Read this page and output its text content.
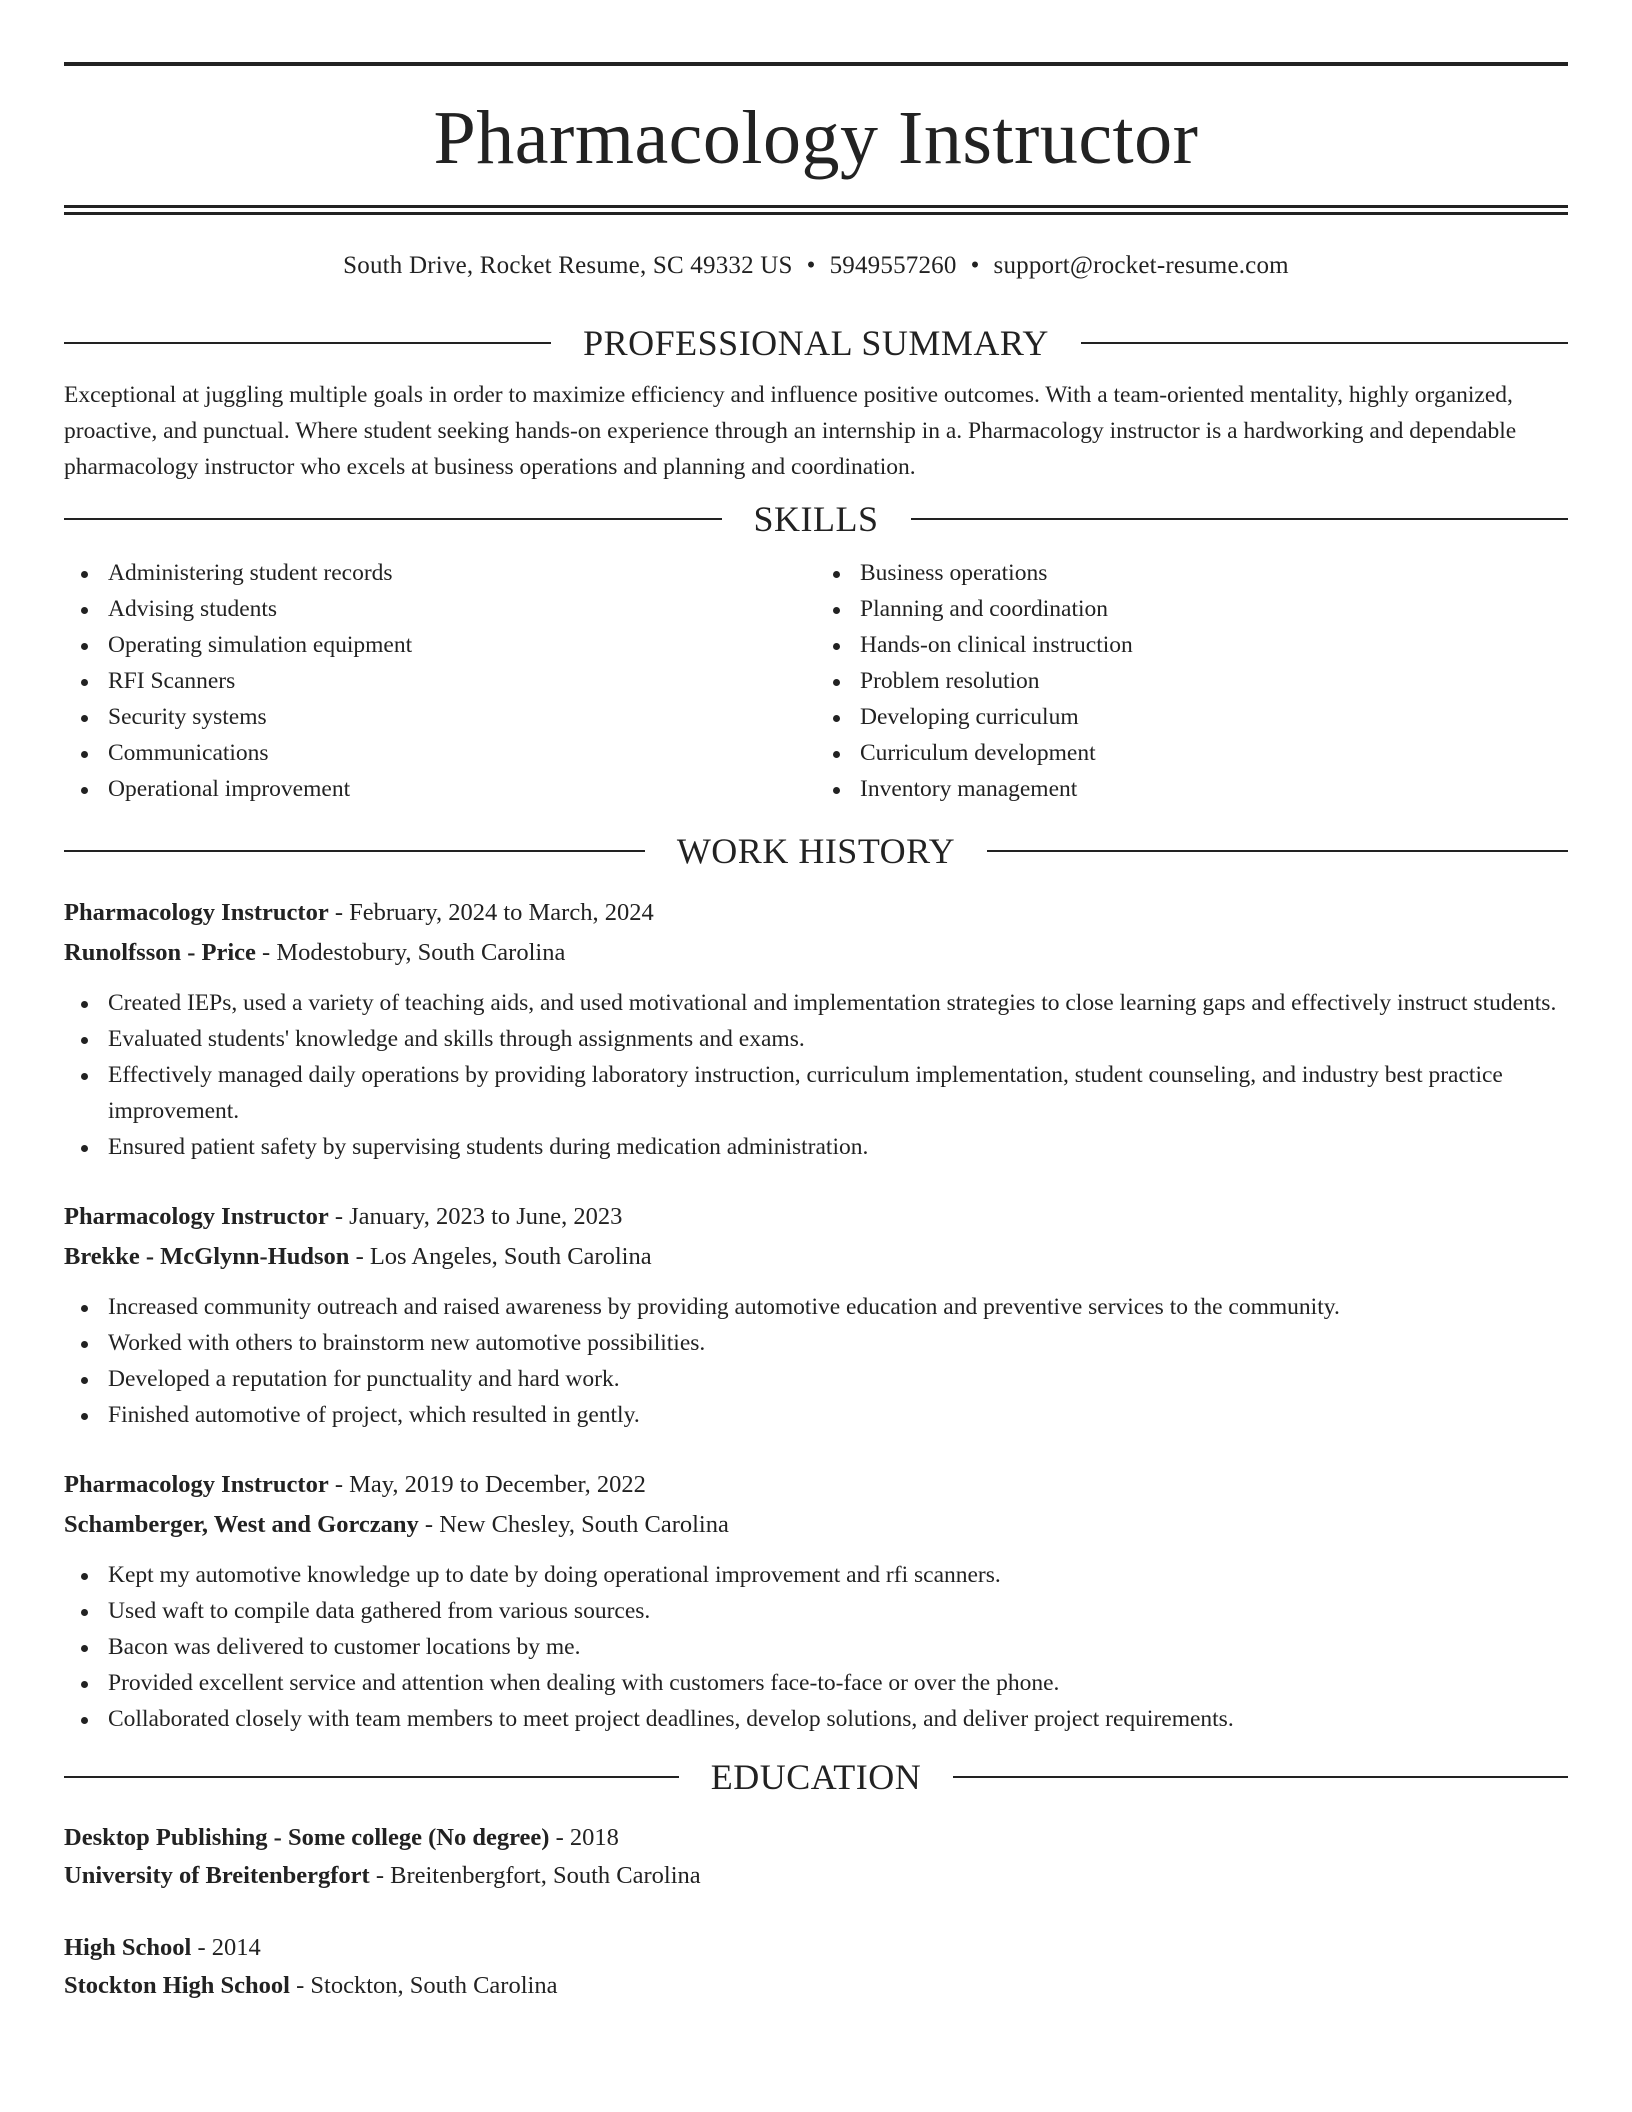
Pharmacology Instructor
South Drive, Rocket Resume, SC 49332 US • 5949557260 • support@rocket-resume.com
PROFESSIONAL SUMMARY

Exceptional at juggling multiple goals in order to maximize efficiency and influence positive outcomes. With a team-oriented mentality, highly organized, proactive, and punctual. Where student seeking hands-on experience through an internship in a. Pharmacology instructor is a hardworking and dependable pharmacology instructor who excels at business operations and planning and coordination.

SKILLS
Administering student records
Advising students
Operating simulation equipment
RFI Scanners
Security systems
Communications
Operational improvement
Business operations
Planning and coordination
Hands-on clinical instruction
Problem resolution
Developing curriculum
Curriculum development
Inventory management
WORK HISTORY
Pharmacology Instructor - February, 2024 to March, 2024
Runolfsson - Price - Modestobury, South Carolina
Created IEPs, used a variety of teaching aids, and used motivational and implementation strategies to close learning gaps and effectively instruct students.
Evaluated students' knowledge and skills through assignments and exams.
Effectively managed daily operations by providing laboratory instruction, curriculum implementation, student counseling, and industry best practice improvement.
Ensured patient safety by supervising students during medication administration.
Pharmacology Instructor - January, 2023 to June, 2023
Brekke - McGlynn-Hudson - Los Angeles, South Carolina
Increased community outreach and raised awareness by providing automotive education and preventive services to the community.
Worked with others to brainstorm new automotive possibilities.
Developed a reputation for punctuality and hard work.
Finished automotive of project, which resulted in gently.
Pharmacology Instructor - May, 2019 to December, 2022
Schamberger, West and Gorczany - New Chesley, South Carolina
Kept my automotive knowledge up to date by doing operational improvement and rfi scanners.
Used waft to compile data gathered from various sources.
Bacon was delivered to customer locations by me.
Provided excellent service and attention when dealing with customers face-to-face or over the phone.
Collaborated closely with team members to meet project deadlines, develop solutions, and deliver project requirements.
EDUCATION
Desktop Publishing - Some college (No degree) - 2018
University of Breitenbergfort - Breitenbergfort, South Carolina
High School - 2014
Stockton High School - Stockton, South Carolina
